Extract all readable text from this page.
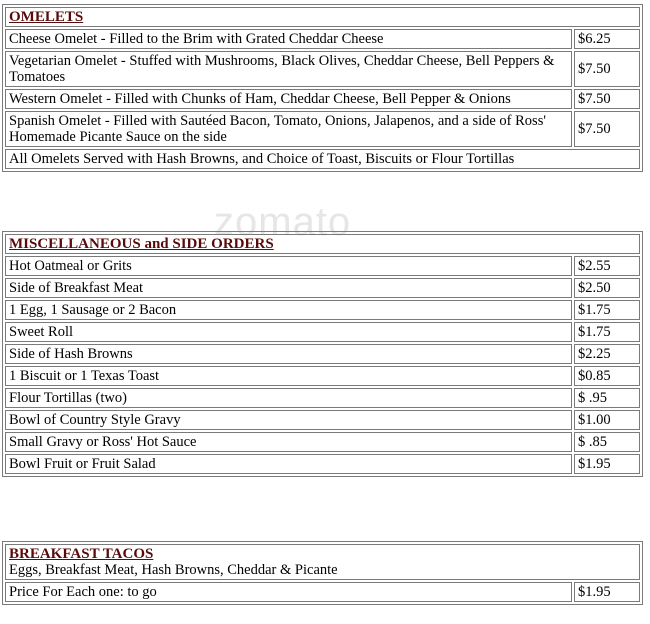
zomato
OMELETS	
Cheese Omelet - Filled to the Brim with Grated Cheddar Cheese	$6.25
Vegetarian Omelet - Stuffed with Mushrooms, Black Olives, Cheddar Cheese, Bell Peppers & Tomatoes	$7.50
Western Omelet - Filled with Chunks of Ham, Cheddar Cheese, Bell Pepper & Onions	$7.50
Spanish Omelet - Filled with Sautéed Bacon, Tomato, Onions, Jalapenos, and a side of Ross' Homemade Picante Sauce on the side	$7.50
All Omelets Served with Hash Browns, and Choice of Toast, Biscuits or Flour Tortillas	
MISCELLANEOUS and SIDE ORDERS	
Hot Oatmeal or Grits	$2.55
Side of Breakfast Meat	$2.50
1 Egg, 1 Sausage or 2 Bacon	$1.75
Sweet Roll	$1.75
Side of Hash Browns	$2.25
1 Biscuit or 1 Texas Toast	$0.85
Flour Tortillas (two)	$ .95
Bowl of Country Style Gravy	$1.00
Small Gravy or Ross' Hot Sauce	$ .85
Bowl Fruit or Fruit Salad	$1.95
BREAKFAST TACOS
Eggs, Breakfast Meat, Hash Browns, Cheddar & Picante
Price For Each one: to go	$1.95
